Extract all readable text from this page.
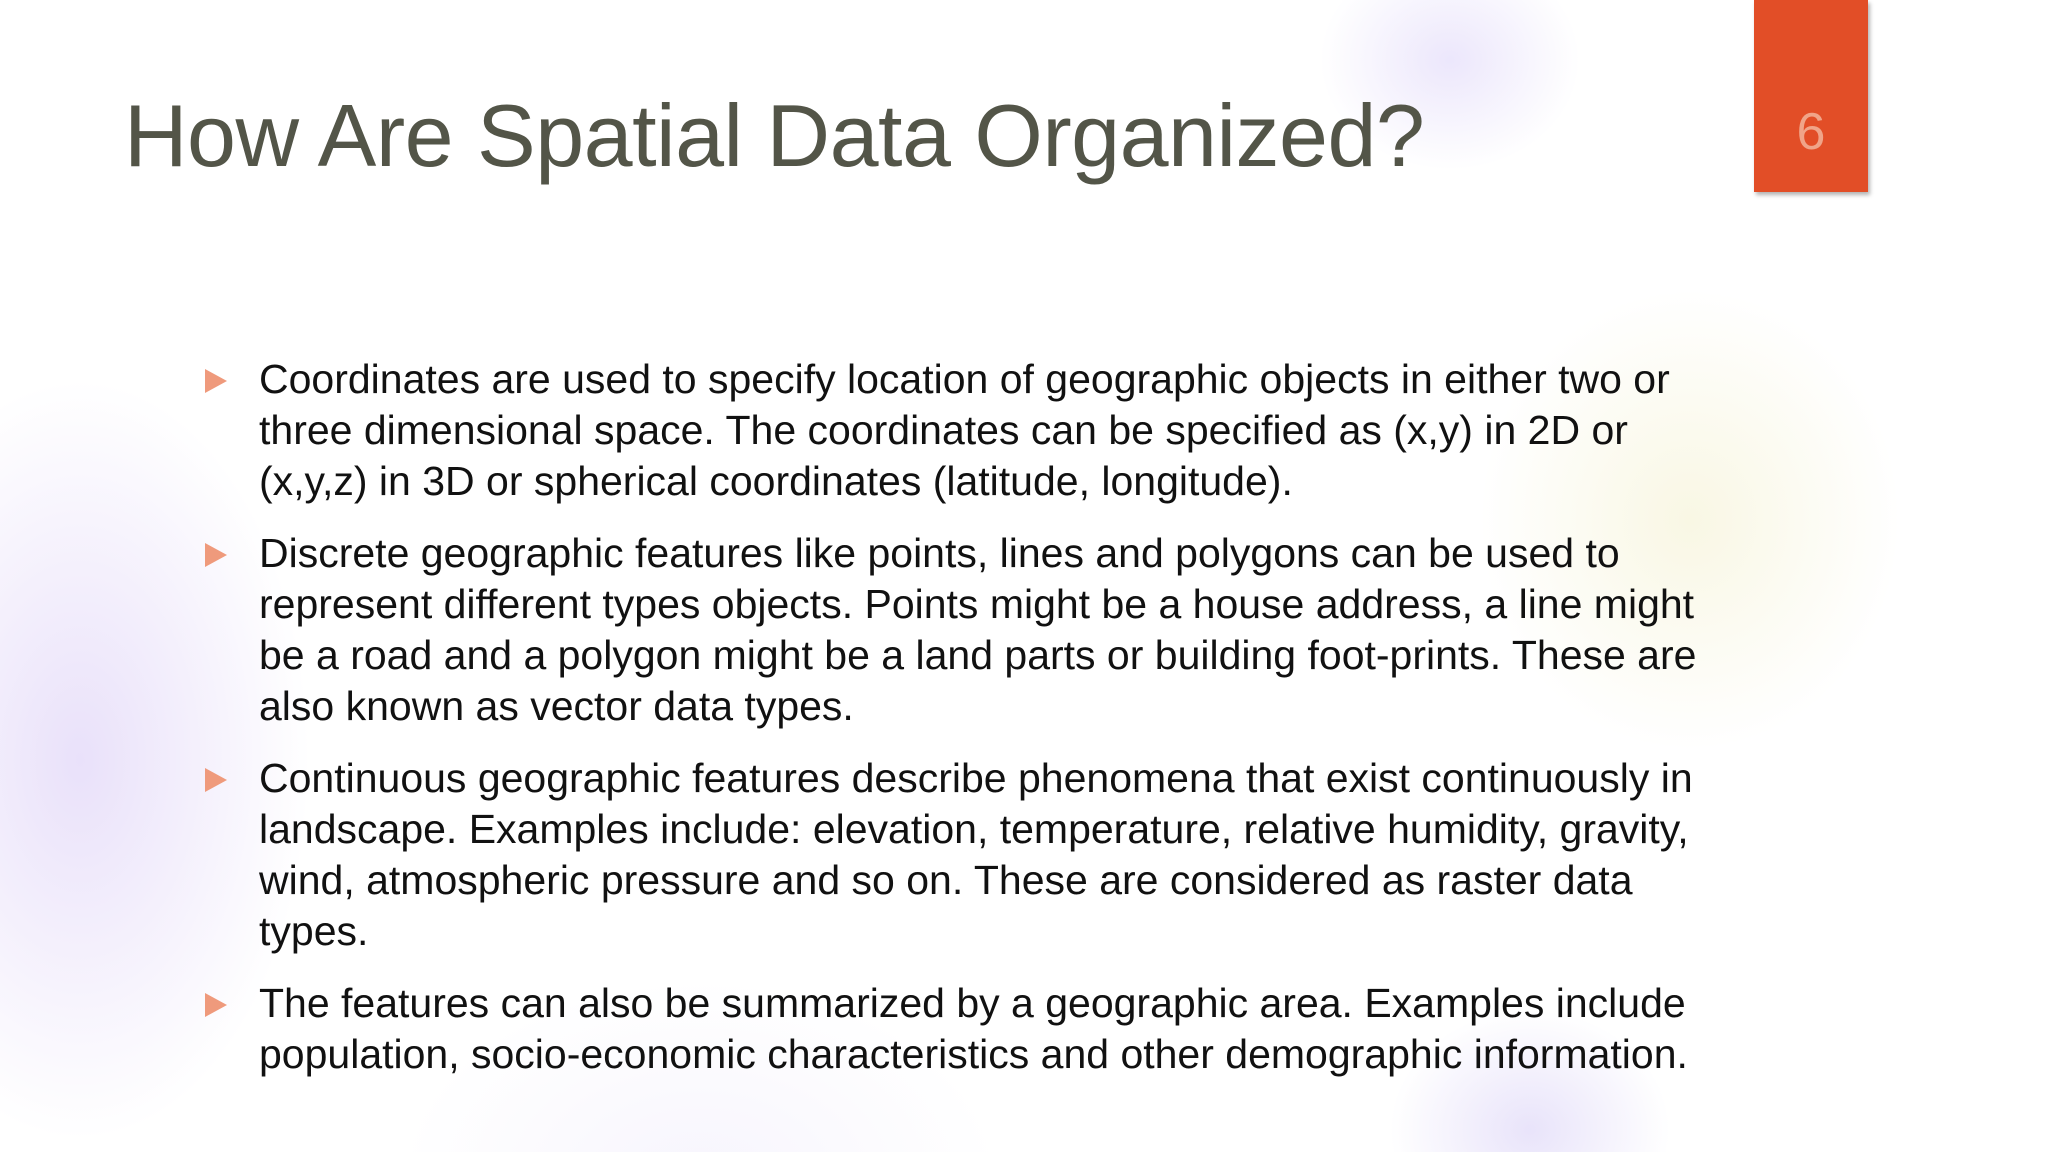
How Are Spatial Data Organized?	6
Coordinates are used to specify location of geographic objects in either two or three dimensional space. The coordinates can be specified as (x,y) in 2D or (x,y,z) in 3D or spherical coordinates (latitude, longitude).
Discrete geographic features like points, lines and polygons can be used to represent different types objects. Points might be a house address, a line might be a road and a polygon might be a land parts or building foot-prints. These are also known as vector data types.
Continuous geographic features describe phenomena that exist continuously in landscape. Examples include: elevation, temperature, relative humidity, gravity, wind, atmospheric pressure and so on. These are considered as raster data types.
The features can also be summarized by a geographic area. Examples include population, socio-economic characteristics and other demographic information.
